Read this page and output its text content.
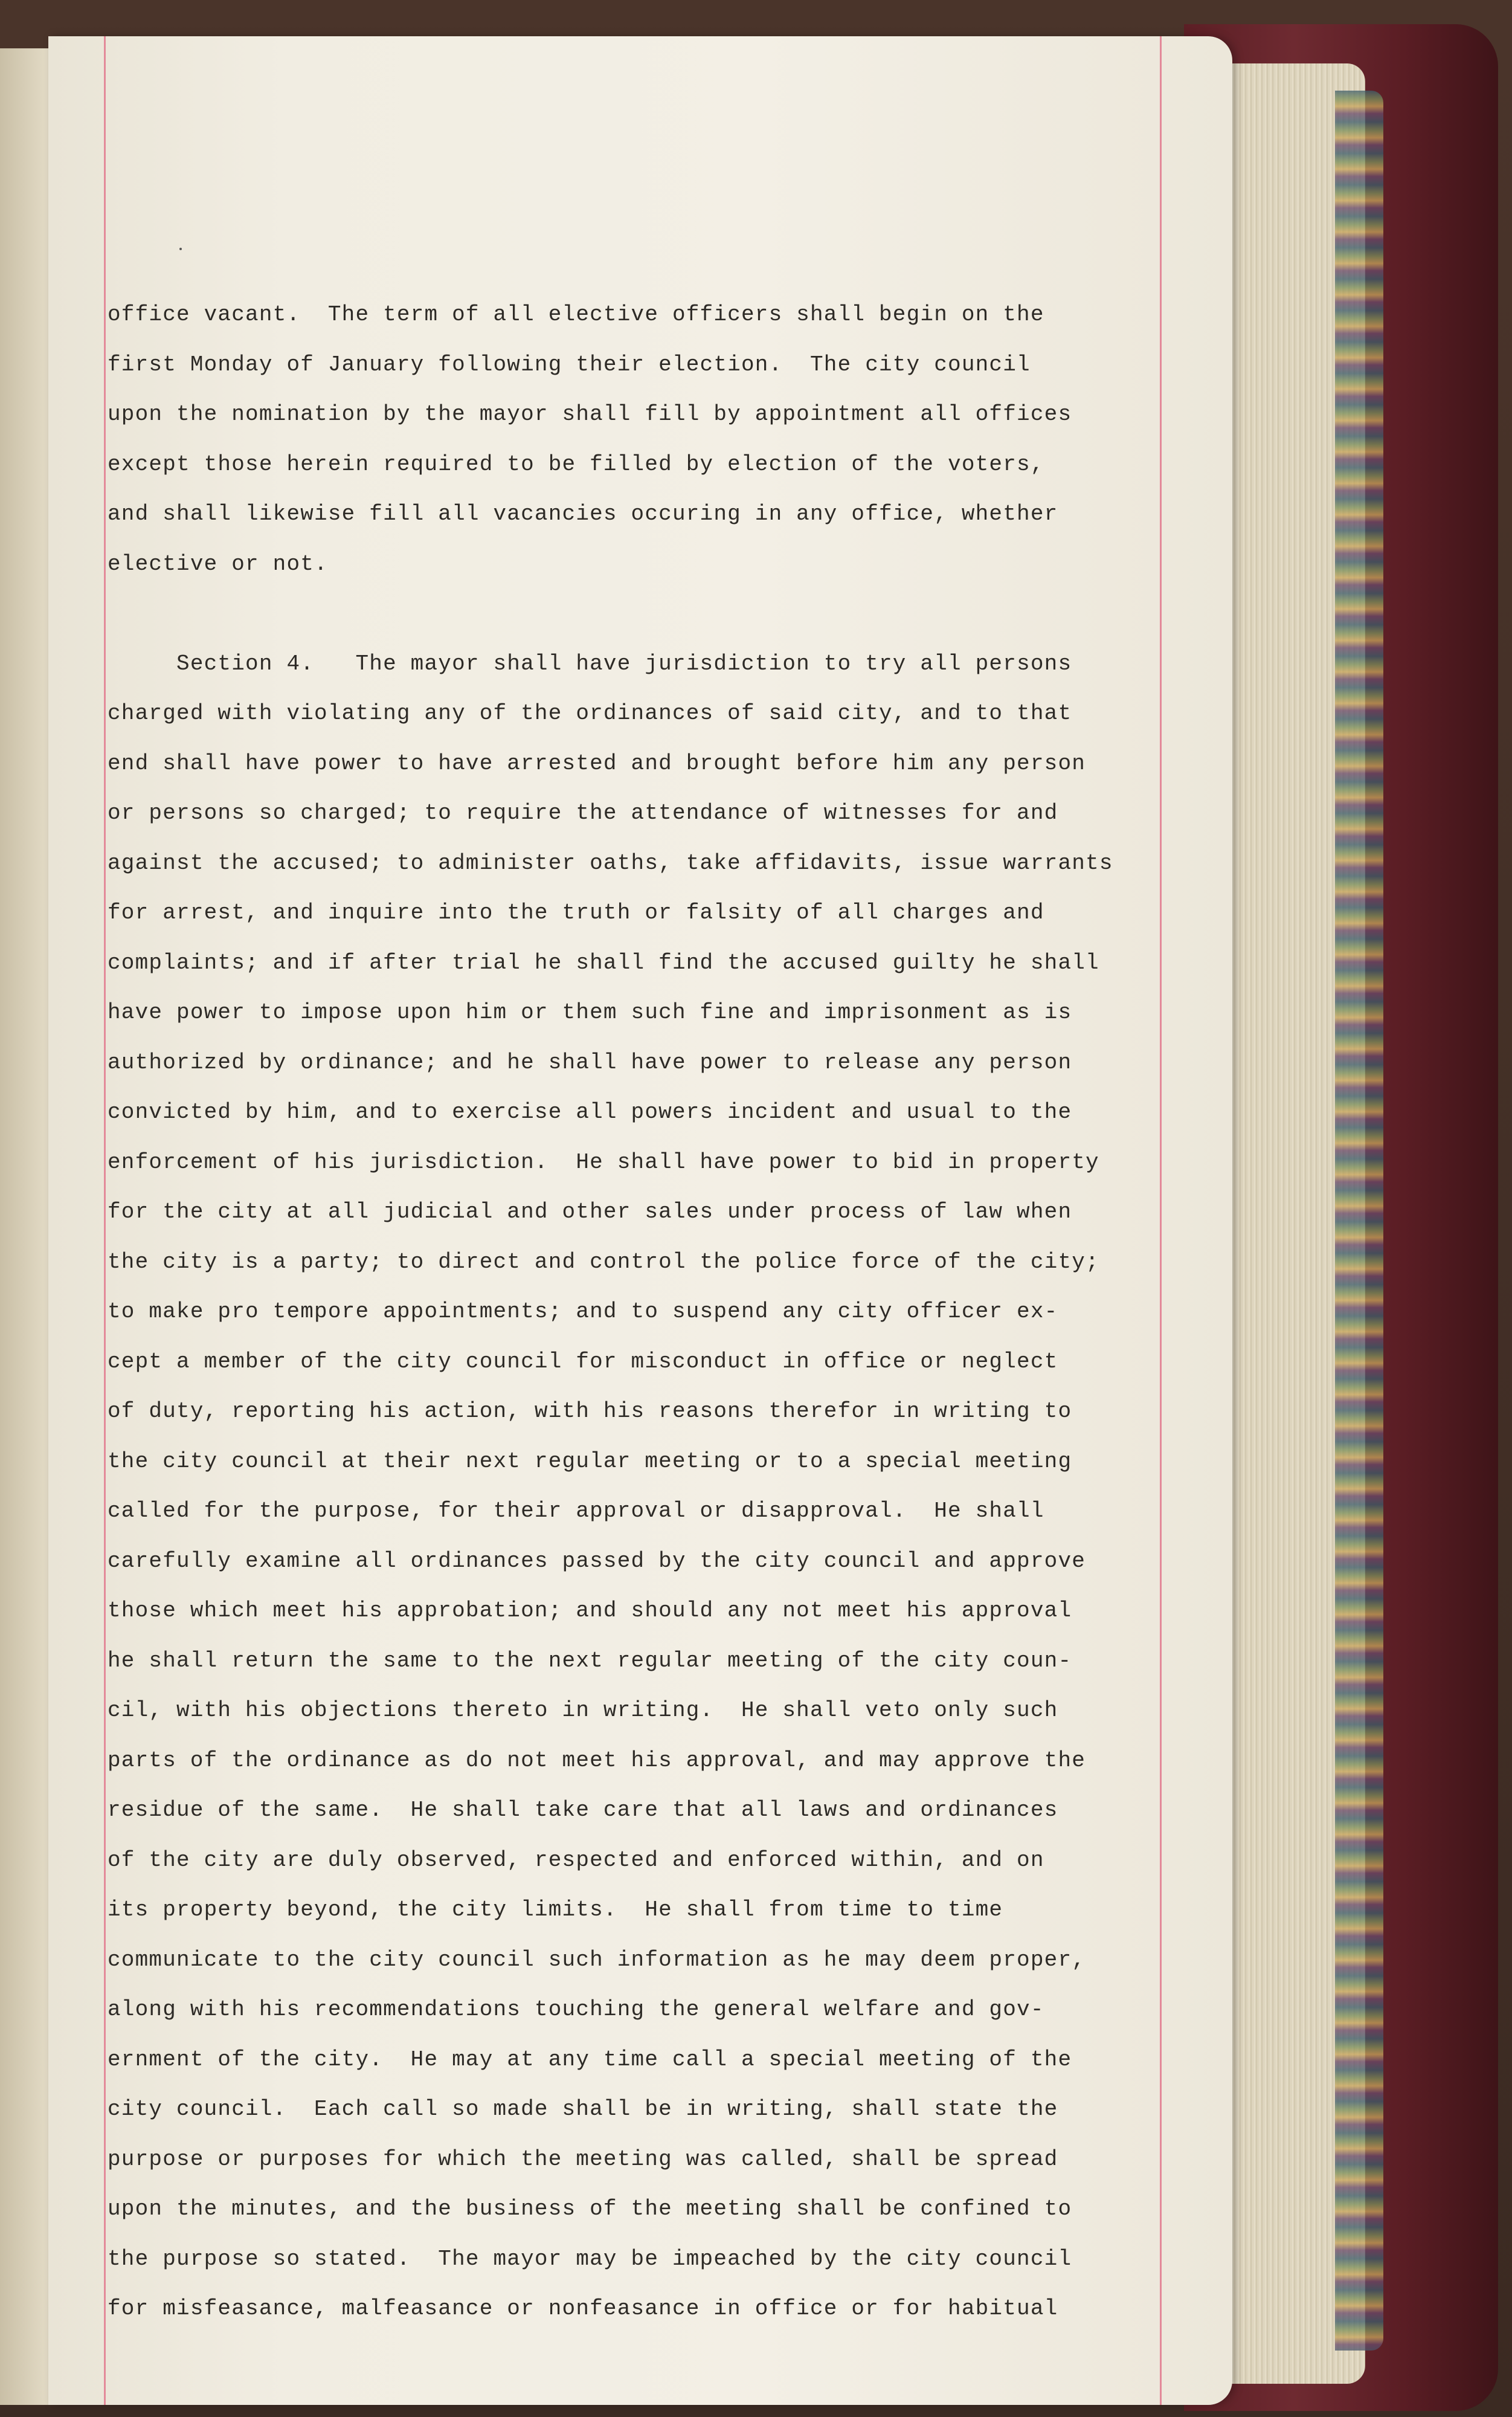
office vacant.  The term of all elective officers shall begin on the
first Monday of January following their election.  The city council
upon the nomination by the mayor shall fill by appointment all offices
except those herein required to be filled by election of the voters,
and shall likewise fill all vacancies occuring in any office, whether
elective or not.
Section 4.   The mayor shall have jurisdiction to try all persons
charged with violating any of the ordinances of said city, and to that
end shall have power to have arrested and brought before him any person
or persons so charged; to require the attendance of witnesses for and
against the accused; to administer oaths, take affidavits, issue warrants
for arrest, and inquire into the truth or falsity of all charges and
complaints; and if after trial he shall find the accused guilty he shall
have power to impose upon him or them such fine and imprisonment as is
authorized by ordinance; and he shall have power to release any person
convicted by him, and to exercise all powers incident and usual to the
enforcement of his jurisdiction.  He shall have power to bid in property
for the city at all judicial and other sales under process of law when
the city is a party; to direct and control the police force of the city;
to make pro tempore appointments; and to suspend any city officer ex-
cept a member of the city council for misconduct in office or neglect
of duty, reporting his action, with his reasons therefor in writing to
the city council at their next regular meeting or to a special meeting
called for the purpose, for their approval or disapproval.  He shall
carefully examine all ordinances passed by the city council and approve
those which meet his approbation; and should any not meet his approval
he shall return the same to the next regular meeting of the city coun-
cil, with his objections thereto in writing.  He shall veto only such
parts of the ordinance as do not meet his approval, and may approve the
residue of the same.  He shall take care that all laws and ordinances
of the city are duly observed, respected and enforced within, and on
its property beyond, the city limits.  He shall from time to time
communicate to the city council such information as he may deem proper,
along with his recommendations touching the general welfare and gov-
ernment of the city.  He may at any time call a special meeting of the
city council.  Each call so made shall be in writing, shall state the
purpose or purposes for which the meeting was called, shall be spread
upon the minutes, and the business of the meeting shall be confined to
the purpose so stated.  The mayor may be impeached by the city council
for misfeasance, malfeasance or nonfeasance in office or for habitual
